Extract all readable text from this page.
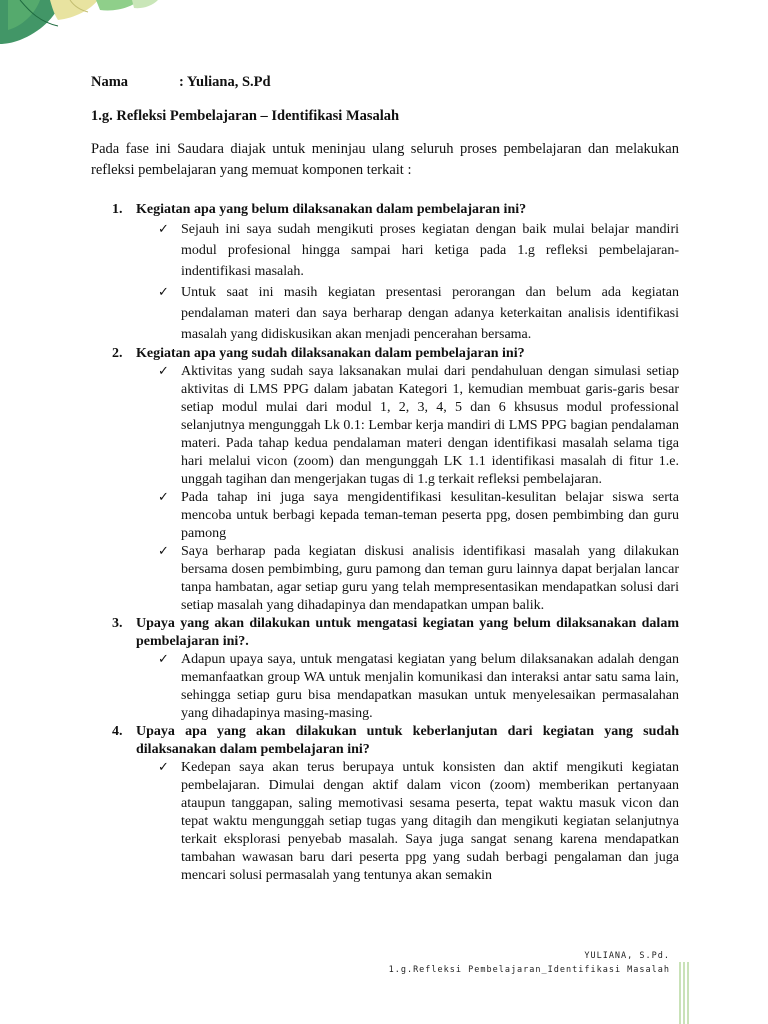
Nama	: Yuliana, S.Pd
1.g. Refleksi Pembelajaran – Identifikasi Masalah
Pada fase ini Saudara diajak untuk meninjau ulang seluruh proses pembelajaran dan melakukan refleksi pembelajaran yang memuat komponen terkait :
1. Kegiatan apa yang belum dilaksanakan dalam pembelajaran ini?
✓ Sejauh ini saya sudah mengikuti proses kegiatan dengan baik mulai belajar mandiri modul profesional hingga sampai hari ketiga pada 1.g refleksi pembelajaran-indentifikasi masalah.
✓ Untuk saat ini masih kegiatan presentasi perorangan dan belum ada kegiatan pendalaman materi dan saya berharap dengan adanya keterkaitan analisis identifikasi masalah yang didiskusikan akan menjadi pencerahan bersama.
2. Kegiatan apa yang sudah dilaksanakan dalam pembelajaran ini?
✓ Aktivitas yang sudah saya laksanakan mulai dari pendahuluan dengan simulasi setiap aktivitas di LMS PPG dalam jabatan Kategori 1, kemudian membuat garis-garis besar setiap modul mulai dari modul 1, 2, 3, 4, 5 dan 6 khsusus modul professional selanjutnya mengunggah Lk 0.1: Lembar kerja mandiri di LMS PPG bagian pendalaman materi. Pada tahap kedua pendalaman materi dengan identifikasi masalah selama tiga hari melalui vicon (zoom) dan mengunggah LK 1.1 identifikasi masalah di fitur 1.e. unggah tagihan dan mengerjakan tugas di 1.g terkait refleksi pembelajaran.
✓ Pada tahap ini juga saya mengidentifikasi kesulitan-kesulitan belajar siswa serta mencoba untuk berbagi kepada teman-teman peserta ppg, dosen pembimbing dan guru pamong
✓ Saya berharap pada kegiatan diskusi analisis identifikasi masalah yang dilakukan bersama dosen pembimbing, guru pamong dan teman guru lainnya dapat berjalan lancar tanpa hambatan, agar setiap guru yang telah mempresentasikan mendapatkan solusi dari setiap masalah yang dihadapinya dan mendapatkan umpan balik.
3. Upaya yang akan dilakukan untuk mengatasi kegiatan yang belum dilaksanakan dalam pembelajaran ini?.
✓ Adapun upaya saya, untuk mengatasi kegiatan yang belum dilaksanakan adalah dengan memanfaatkan group WA untuk menjalin komunikasi dan interaksi antar satu sama lain, sehingga setiap guru bisa mendapatkan masukan untuk menyelesaikan permasalahan yang dihadapinya masing-masing.
4. Upaya apa yang akan dilakukan untuk keberlanjutan dari kegiatan yang sudah dilaksanakan dalam pembelajaran ini?
✓ Kedepan saya akan terus berupaya untuk konsisten dan aktif mengikuti kegiatan pembelajaran. Dimulai dengan aktif dalam vicon (zoom) memberikan pertanyaan ataupun tanggapan, saling memotivasi sesama peserta, tepat waktu masuk vicon dan tepat waktu mengunggah setiap tugas yang ditagih dan mengikuti kegiatan selanjutnya terkait eksplorasi penyebab masalah. Saya juga sangat senang karena mendapatkan tambahan wawasan baru dari peserta ppg yang sudah berbagi pengalaman dan juga mencari solusi permasalah yang tentunya akan semakin
YULIANA, S.Pd.
1.g.Refleksi Pembelajaran_Identifikasi Masalah
